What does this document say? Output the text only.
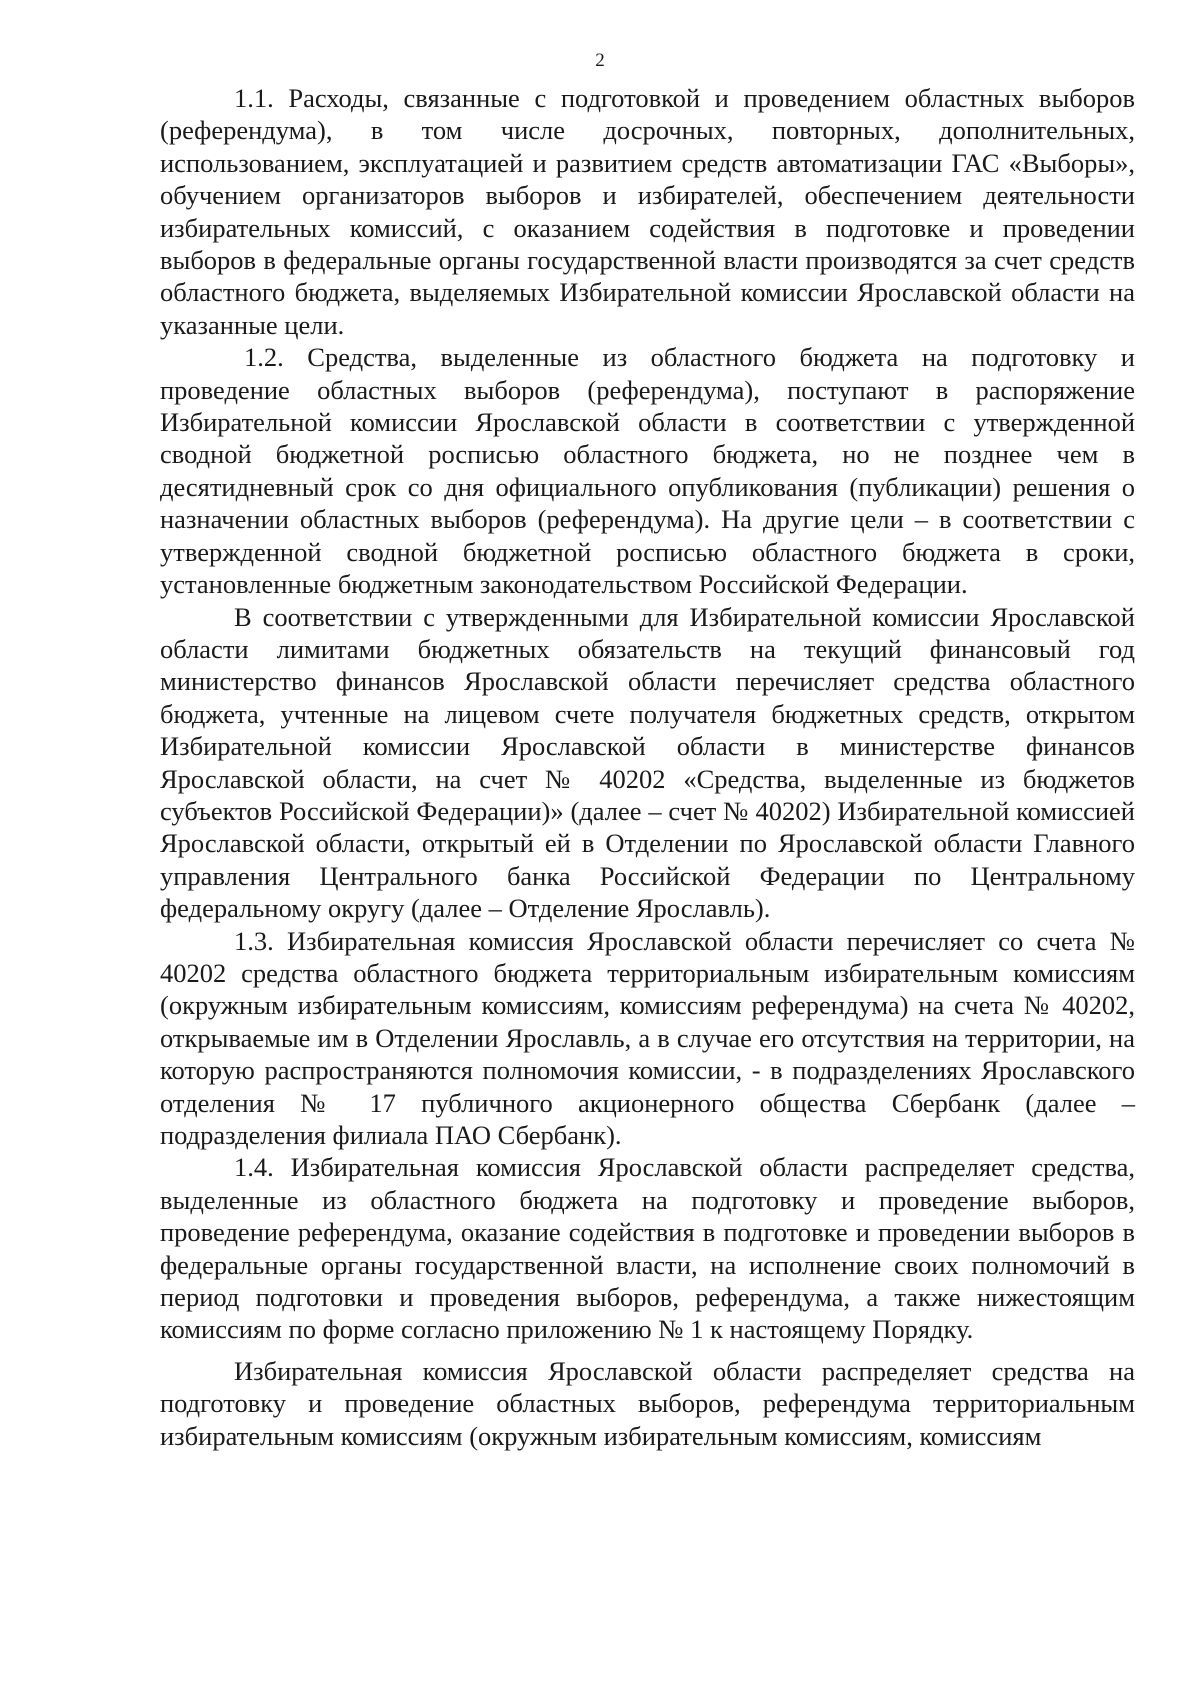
2

1.1. Расходы, связанные с подготовкой и проведением областных выборов (референдума), в том числе досрочных, повторных, дополнительных, использованием, эксплуатацией и развитием средств автоматизации ГАС «Выборы», обучением организаторов выборов и избирателей, обеспечением деятельности избирательных комиссий, с оказанием содействия в подготовке и проведении выборов в федеральные органы государственной власти производятся за счет средств областного бюджета, выделяемых Избирательной комиссии Ярославской области на указанные цели.

1.2. Средства, выделенные из областного бюджета на подготовку и проведение областных выборов (референдума), поступают в распоряжение Избирательной комиссии Ярославской области в соответствии с утвержденной сводной бюджетной росписью областного бюджета, но не позднее чем в десятидневный срок со дня официального опубликования (публикации) решения о назначении областных выборов (референдума). На другие цели – в соответствии с утвержденной сводной бюджетной росписью областного бюджета в сроки, установленные бюджетным законодательством Российской Федерации.

В соответствии с утвержденными для Избирательной комиссии Ярославской области лимитами бюджетных обязательств на текущий финансовый год министерство финансов Ярославской области перечисляет средства областного бюджета, учтенные на лицевом счете получателя бюджетных средств, открытом Избирательной комиссии Ярославской области в министерстве финансов Ярославской области, на счет № 40202 «Средства, выделенные из бюджетов субъектов Российской Федерации)» (далее – счет № 40202) Избирательной комиссией Ярославской области, открытый ей в Отделении по Ярославской области Главного управления Центрального банка Российской Федерации по Центральному федеральному округу (далее – Отделение Ярославль).

1.3. Избирательная комиссия Ярославской области перечисляет со счета № 40202 средства областного бюджета территориальным избирательным комиссиям (окружным избирательным комиссиям, комиссиям референдума) на счета № 40202, открываемые им в Отделении Ярославль, а в случае его отсутствия на территории, на которую распространяются полномочия комиссии, - в подразделениях Ярославского отделения № 17 публичного акционерного общества Сбербанк (далее – подразделения филиала ПАО Сбербанк).

1.4. Избирательная комиссия Ярославской области распределяет средства, выделенные из областного бюджета на подготовку и проведение выборов, проведение референдума, оказание содействия в подготовке и проведении выборов в федеральные органы государственной власти, на исполнение своих полномочий в период подготовки и проведения выборов, референдума, а также нижестоящим комиссиям по форме согласно приложению № 1 к настоящему Порядку.

Избирательная комиссия Ярославской области распределяет средства на подготовку и проведение областных выборов, референдума территориальным избирательным комиссиям (окружным избирательным комиссиям, комиссиям
